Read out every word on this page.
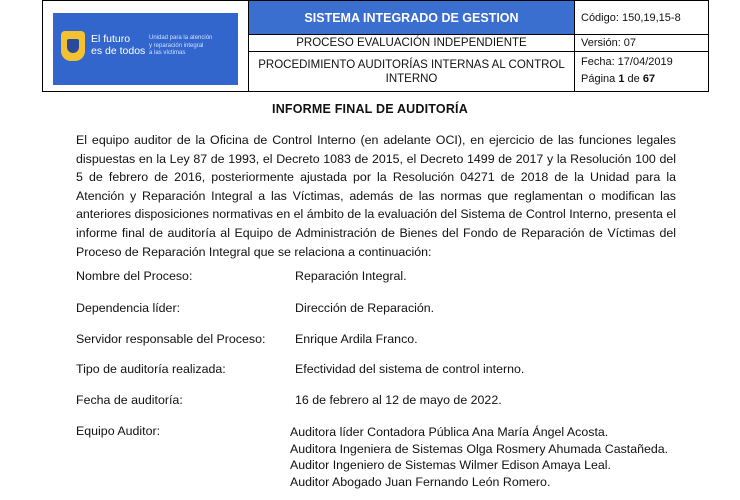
El futuro
es de todos
Unidad para la atención
y reparación integral
a las víctimas	SISTEMA INTEGRADO DE GESTION	Código: 150,19,15-8
	PROCESO EVALUACIÓN INDEPENDIENTE	Versión: 07
	PROCEDIMIENTO AUDITORÍAS INTERNAS AL CONTROL INTERNO	Fecha: 17/04/2019
Página 1 de 67
INFORME FINAL DE AUDITORÍA
El equipo auditor de la Oficina de Control Interno (en adelante OCI), en ejercicio de las funciones legales dispuestas en la Ley 87 de 1993, el Decreto 1083 de 2015, el Decreto 1499 de 2017 y la Resolución 100 del 5 de febrero de 2016, posteriormente ajustada por la Resolución 04271 de 2018 de la Unidad para la Atención y Reparación Integral a las Víctimas, además de las normas que reglamentan o modifican las anteriores disposiciones normativas en el ámbito de la evaluación del Sistema de Control Interno, presenta el informe final de auditoría al Equipo de Administración de Bienes del Fondo de Reparación de Víctimas del Proceso de Reparación Integral que se relaciona a continuación:
Nombre del Proceso:	Reparación Integral.
Dependencia líder:	Dirección de Reparación.
Servidor responsable del Proceso: Enrique Ardila Franco.
Tipo de auditoría realizada:	Efectividad del sistema de control interno.
Fecha de auditoría:	16 de febrero al 12 de mayo de 2022.
Equipo Auditor:	Auditora líder Contadora Pública Ana María Ángel Acosta.
Auditora Ingeniera de Sistemas Olga Rosmery Ahumada Castañeda.
Auditor Ingeniero de Sistemas Wilmer Edison Amaya Leal.
Auditor Abogado Juan Fernando León Romero.
